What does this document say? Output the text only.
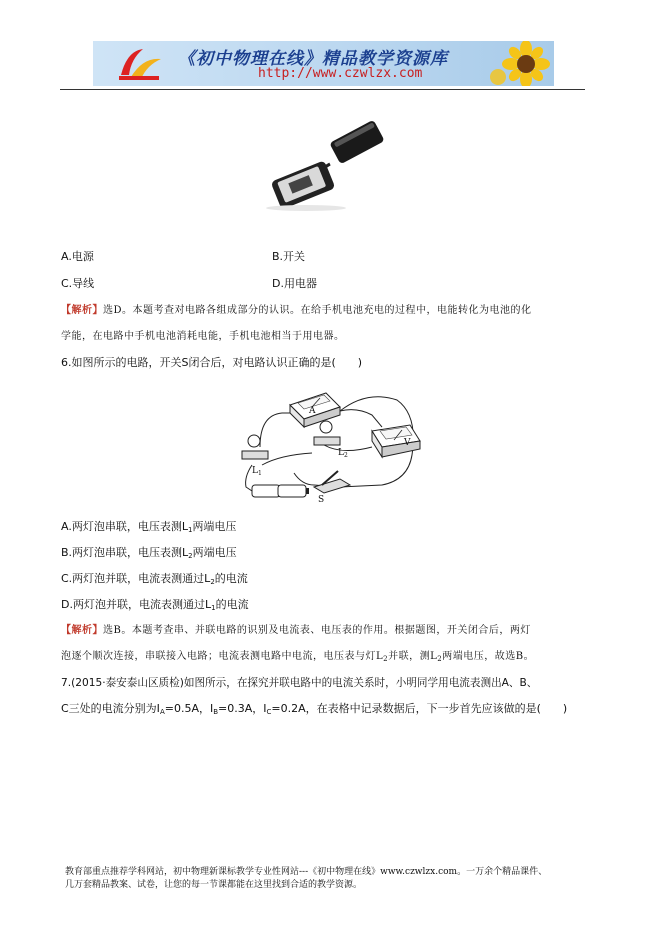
《初中物理在线》精品教学资源库
http://www.czwlzx.com
A.电源	B.开关
C.导线	D.用电器
【解析】选D。本题考查对电路各组成部分的认识。在给手机电池充电的过程中，电能转化为电池的化
学能，在电路中手机电池消耗电能，手机电池相当于用电器。
6.如图所示的电路，开关S闭合后，对电路认识正确的是(　　)
A
V
$L_1$
$L_2$
S
A.两灯泡串联，电压表测$L_1$两端电压
B.两灯泡串联，电压表测$L_2$两端电压
C.两灯泡并联，电流表测通过$L_2$的电流
D.两灯泡并联，电流表测通过$L_1$的电流
【解析】选B。本题考查串、并联电路的识别及电流表、电压表的作用。根据题图，开关闭合后，两灯
泡逐个顺次连接，串联接入电路；电流表测电路中电流，电压表与灯$L_2$并联，测$L_2$两端电压，故选B。
7.(2015·泰安泰山区质检)如图所示，在探究并联电路中的电流关系时，小明同学用电流表测出A、B、
C三处的电流分别为$I_A=0.5A$，$I_B=0.3A$，$I_C=0.2A$，在表格中记录数据后，下一步首先应该做的是(　　)
教育部重点推荐学科网站，初中物理新课标教学专业性网站---《初中物理在线》www.czwlzx.com。一万余个精品课件、
几万套精品教案、试卷，让您的每一节课都能在这里找到合适的教学资源。
